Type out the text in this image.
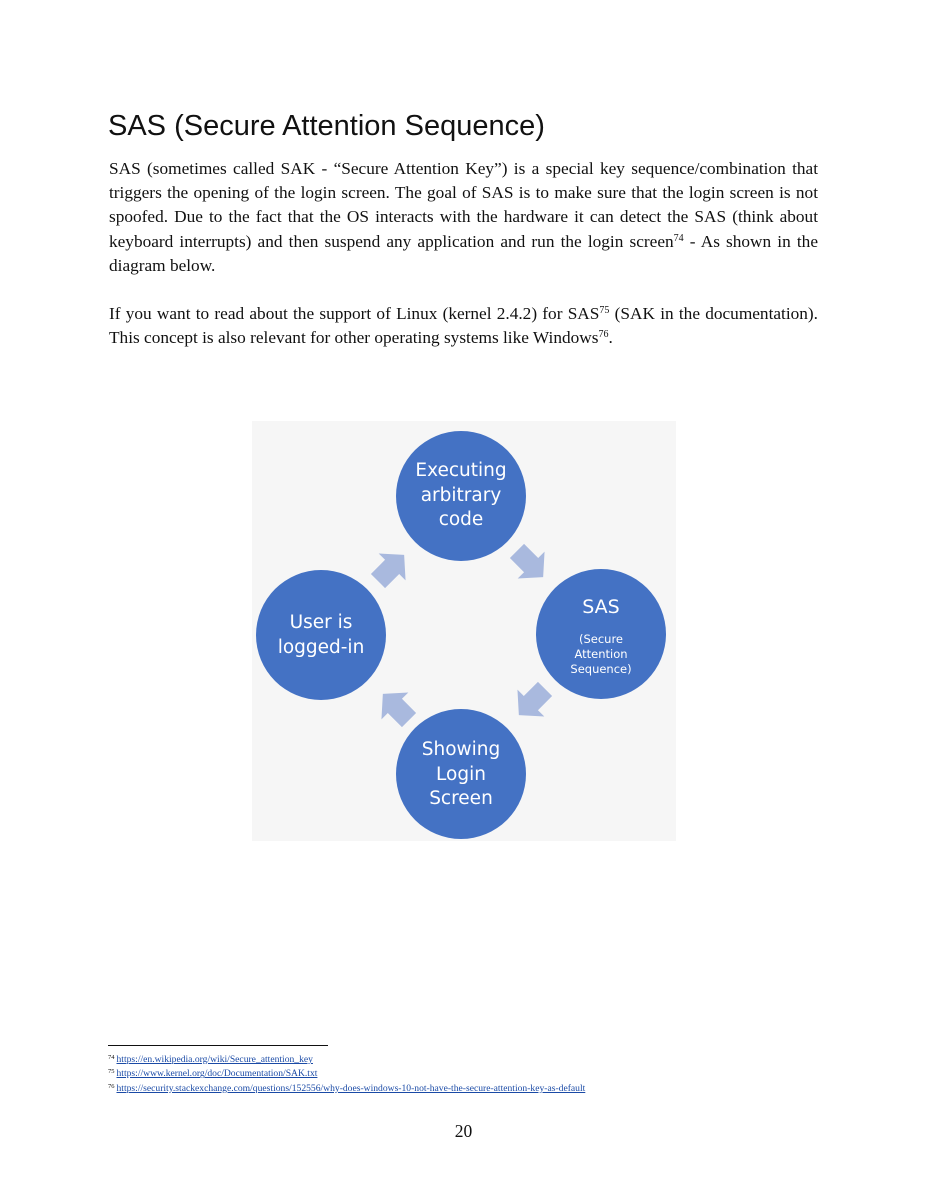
SAS (Secure Attention Sequence)

SAS (sometimes called SAK - “Secure Attention Key”) is a special key sequence/combination that triggers the opening of the login screen. The goal of SAS is to make sure that the login screen is not spoofed. Due to the fact that the OS interacts with the hardware it can detect the SAS (think about keyboard interrupts) and then suspend any application and run the login screen$^{74}$ - As shown in the diagram below.

If you want to read about the support of Linux (kernel 2.4.2) for SAS$^{75}$ (SAK in the documentation). This concept is also relevant for other operating systems like Windows$^{76}$.

Executing
arbitrary
code
SAS
(Secure
Attention
Sequence)
Showing
Login
Screen
User is
logged-in
$^{74}$ https://en.wikipedia.org/wiki/Secure_attention_key
$^{75}$ https://www.kernel.org/doc/Documentation/SAK.txt
$^{76}$ https://security.stackexchange.com/questions/152556/why-does-windows-10-not-have-the-secure-attention-key-as-default
20
